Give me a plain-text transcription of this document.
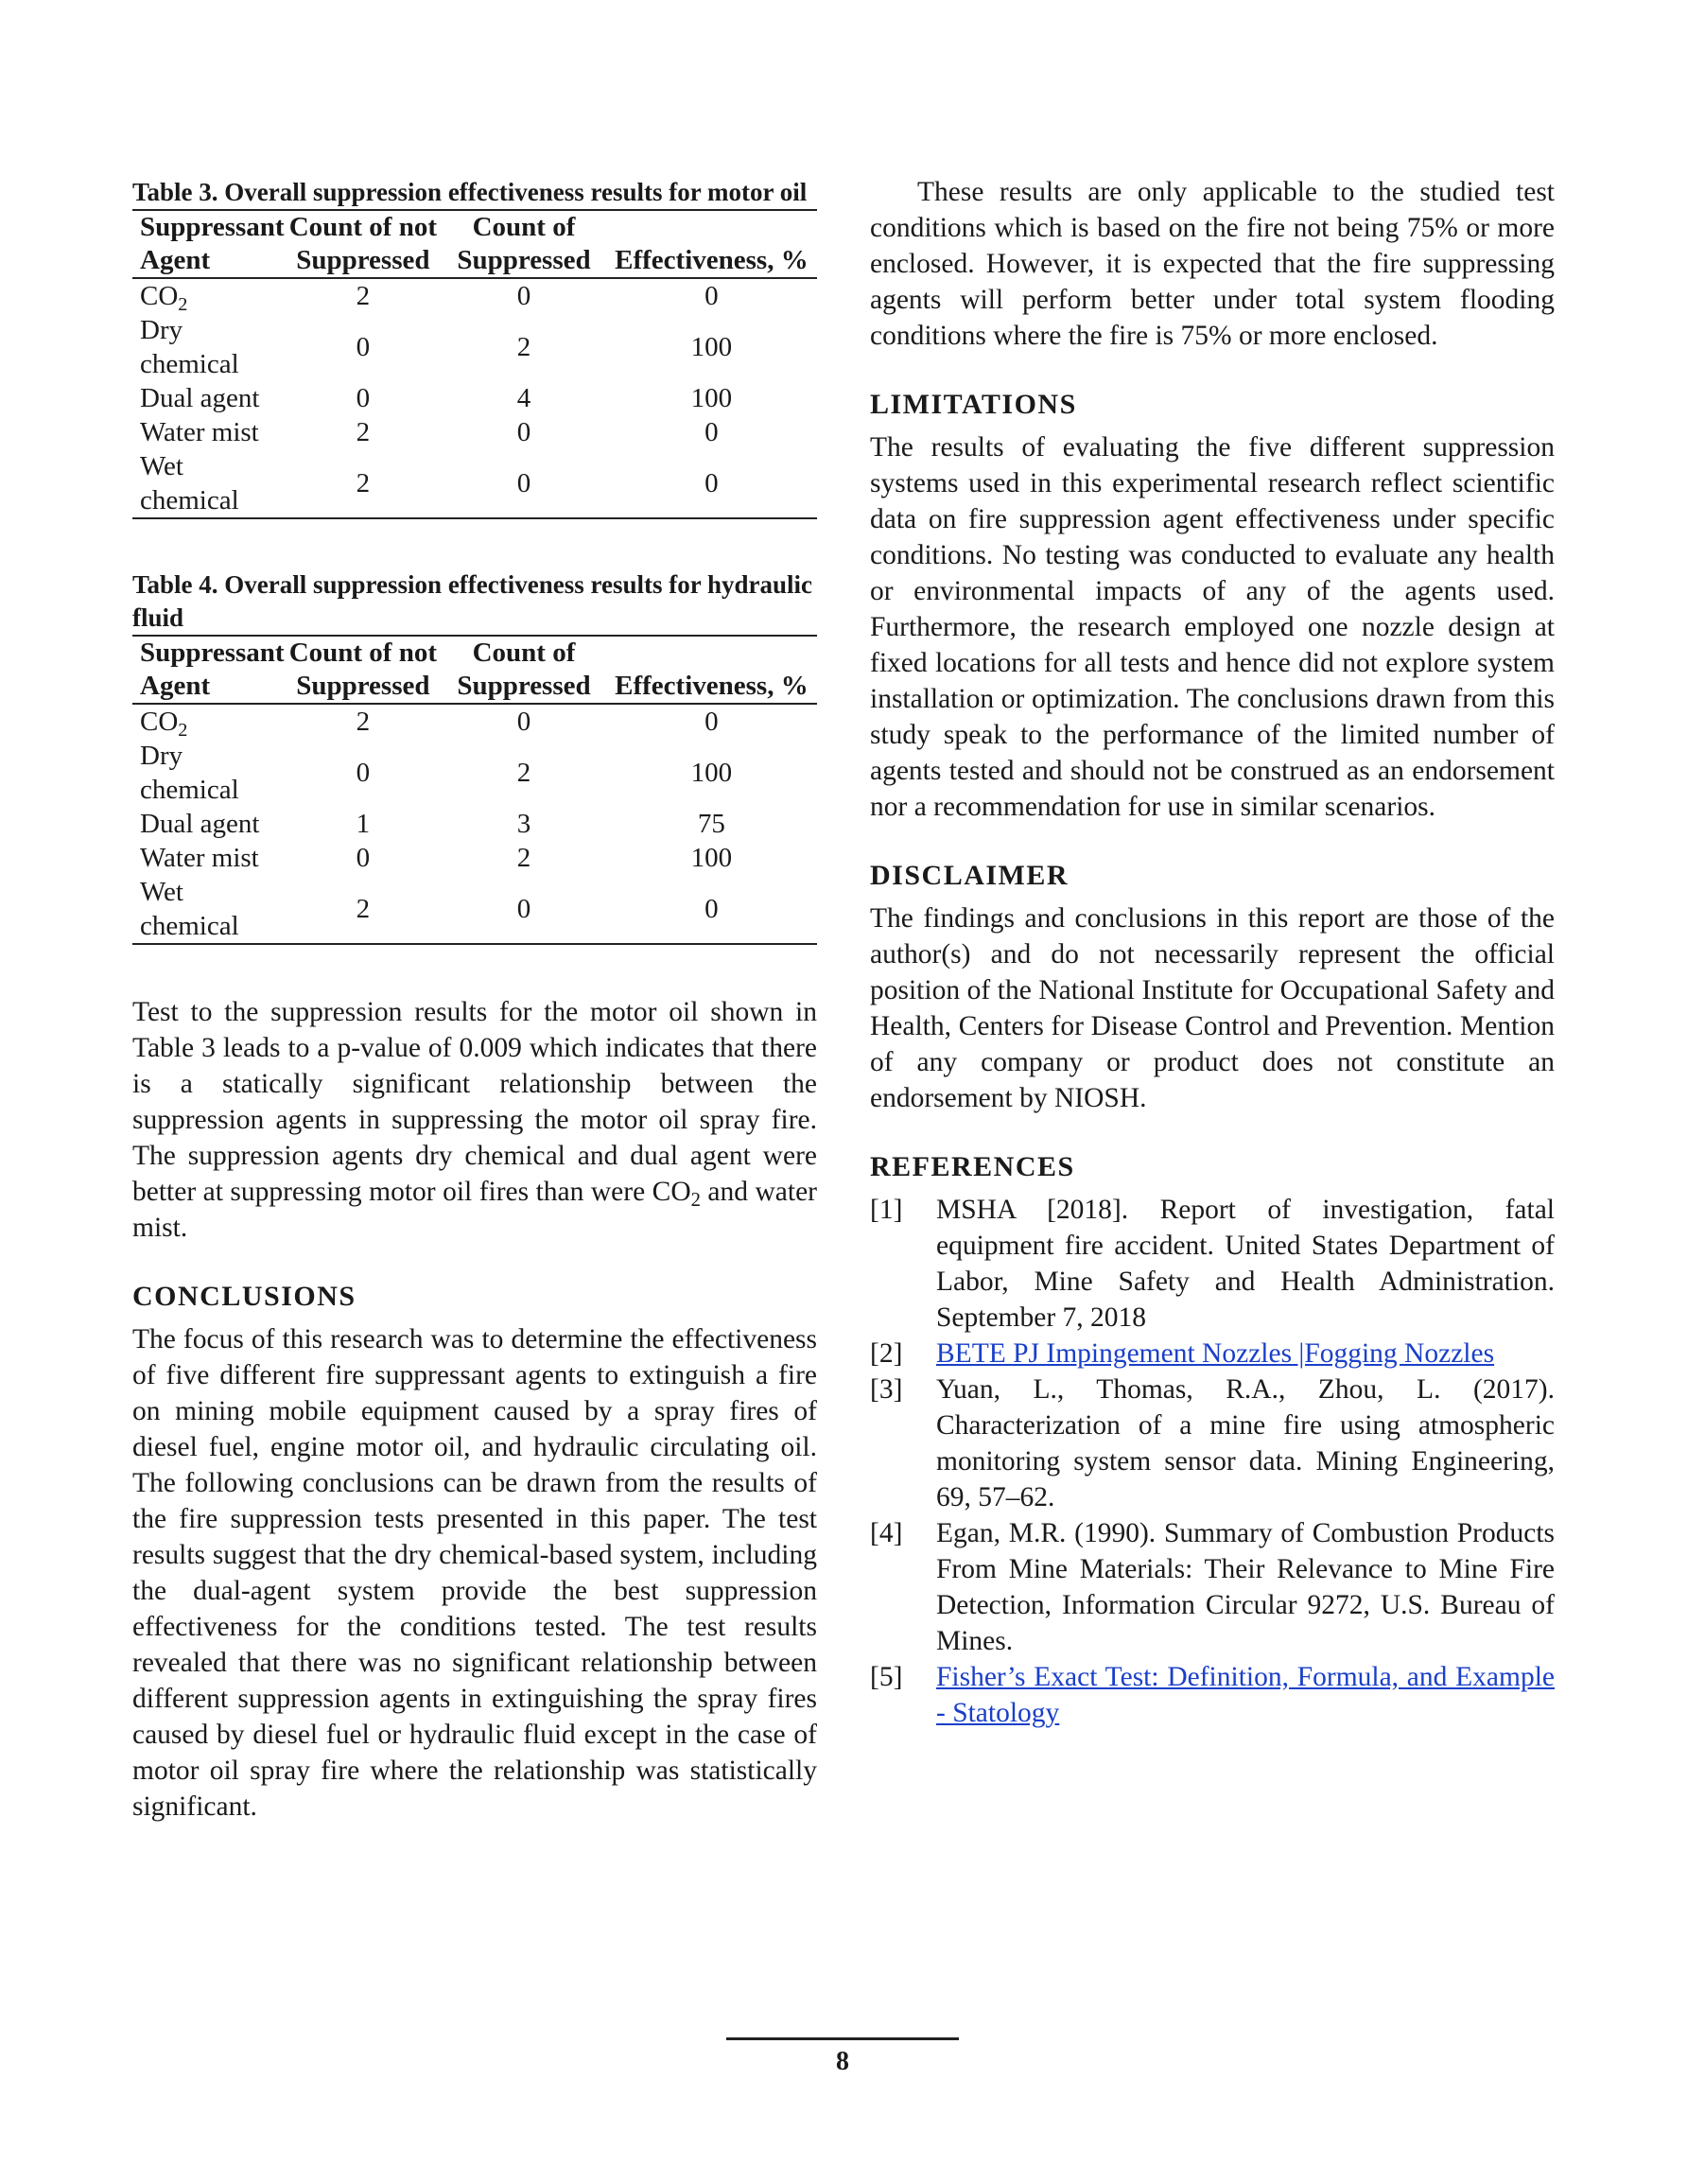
Table 3. Overall suppression effectiveness results for motor oil

Suppressant Agent	Count of not Suppressed	Count of Suppressed	Effectiveness, %
$CO_2$	2	0	0
Dry chemical	0	2	100
Dual agent	0	4	100
Water mist	2	0	0
Wet chemical	2	0	0

Table 4. Overall suppression effectiveness results for hydraulic fluid

Suppressant Agent	Count of not Suppressed	Count of Suppressed	Effectiveness, %
$CO_2$	2	0	0
Dry chemical	0	2	100
Dual agent	1	3	75
Water mist	0	2	100
Wet chemical	2	0	0

Test to the suppression results for the motor oil shown in Table 3 leads to a p-value of 0.009 which indicates that there is a statically significant relationship between the suppression agents in suppressing the motor oil spray fire. The suppression agents dry chemical and dual agent were better at suppressing motor oil fires than were $CO_2$ and water mist.

CONCLUSIONS

The focus of this research was to determine the effectiveness of five different fire suppressant agents to extinguish a fire on mining mobile equipment caused by a spray fires of diesel fuel, engine motor oil, and hydraulic circulating oil. The following conclusions can be drawn from the results of the fire suppression tests presented in this paper. The test results suggest that the dry chemical-based system, including the dual-agent system provide the best suppression effectiveness for the conditions tested. The test results revealed that there was no significant relationship between different suppression agents in extinguishing the spray fires caused by diesel fuel or hydraulic fluid except in the case of motor oil spray fire where the relationship was statistically significant.

These results are only applicable to the studied test conditions which is based on the fire not being 75% or more enclosed. However, it is expected that the fire suppressing agents will perform better under total system flooding conditions where the fire is 75% or more enclosed.

LIMITATIONS

The results of evaluating the five different suppression systems used in this experimental research reflect scientific data on fire suppression agent effectiveness under specific conditions. No testing was conducted to evaluate any health or environmental impacts of any of the agents used. Furthermore, the research employed one nozzle design at fixed locations for all tests and hence did not explore system installation or optimization. The conclusions drawn from this study speak to the performance of the limited number of agents tested and should not be construed as an endorsement nor a recommendation for use in similar scenarios.

DISCLAIMER

The findings and conclusions in this report are those of the author(s) and do not necessarily represent the official position of the National Institute for Occupational Safety and Health, Centers for Disease Control and Prevention. Mention of any company or product does not constitute an endorsement by NIOSH.

REFERENCES
[1] MSHA [2018]. Report of investigation, fatal equipment fire accident. United States Department of Labor, Mine Safety and Health Administration. September 7, 2018
[2] BETE PJ Impingement Nozzles |Fogging Nozzles
[3] Yuan, L., Thomas, R.A., Zhou, L. (2017). Characterization of a mine fire using atmospheric monitoring system sensor data. Mining Engineering, 69, 57–62.
[4] Egan, M.R. (1990). Summary of Combustion Products From Mine Materials: Their Relevance to Mine Fire Detection, Information Circular 9272, U.S. Bureau of Mines.
[5] Fisher’s Exact Test: Definition, Formula, and Example - Statology
8
